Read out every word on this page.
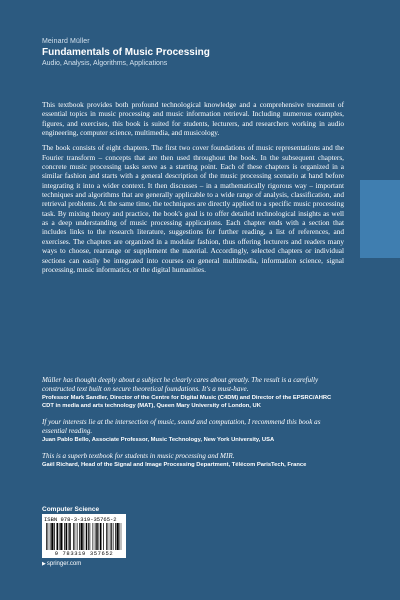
Meinard Müller
Fundamentals of Music Processing
Audio, Analysis, Algorithms, Applications

This textbook provides both profound technological knowledge and a comprehensive treatment of essential topics in music processing and music information retrieval. Including numerous examples, figures, and exercises, this book is suited for students, lecturers, and researchers working in audio engineering, computer science, multimedia, and musicology.

The book consists of eight chapters. The first two cover foundations of music representations and the Fourier transform – concepts that are then used throughout the book. In the subsequent chapters, concrete music processing tasks serve as a starting point. Each of these chapters is organized in a similar fashion and starts with a general description of the music processing scenario at hand before integrating it into a wider context. It then discusses – in a mathematically rigorous way – important techniques and algorithms that are generally applicable to a wide range of analysis, classification, and retrieval problems. At the same time, the techniques are directly applied to a specific music processing task. By mixing theory and practice, the book's goal is to offer detailed technological insights as well as a deep understanding of music processing applications. Each chapter ends with a section that includes links to the research literature, suggestions for further reading, a list of references, and exercises. The chapters are organized in a modular fashion, thus offering lecturers and readers many ways to choose, rearrange or supplement the material. Accordingly, selected chapters or individual sections can easily be integrated into courses on general multimedia, information science, signal processing, music informatics, or the digital humanities.

Müller has thought deeply about a subject he clearly cares about greatly. The result is a carefully constructed text built on secure theoretical foundations. It's a must-have.
Professor Mark Sandler, Director of the Centre for Digital Music (C4DM) and Director of the EPSRC/AHRC CDT in media and arts technology (MAT), Queen Mary University of London, UK
If your interests lie at the intersection of music, sound and computation, I recommend this book as essential reading.
Juan Pablo Bello, Associate Professor, Music Technology, New York University, USA
This is a superb textbook for students in music processing and MIR.
Gaël Richard, Head of the Signal and Image Processing Department, Télécom ParisTech, France
Computer Science
ISBN 978-3-319-35765-2
9 783319 357652
▶springer.com
